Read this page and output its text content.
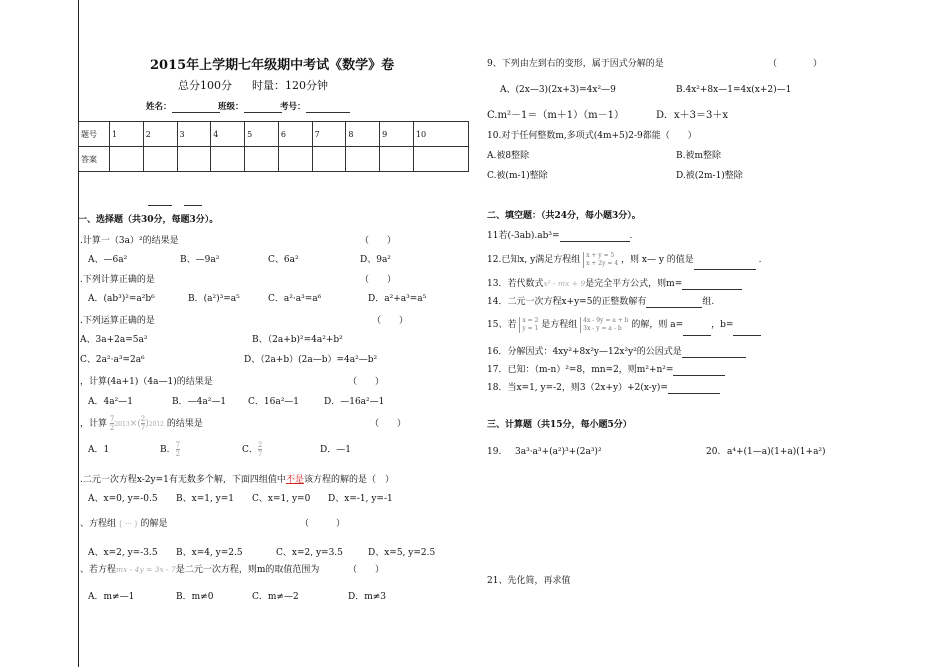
2015年上学期七年级期中考试《数学》卷
总分100分 时量：120分钟
姓名：	班级：	考号：
题号	1	2	3	4	5	6	7	8	9	10
答案										
一、选择题（共30分，每题3分）。
.计算一（3a）²的结果是	（　　）
A、—6a²	B、—9a²	C、6a²	D、9a²
.下列计算正确的是	（　　）
A．(ab³)²=a²b⁶	B．(a²)³=a⁵	C．a²·a³=a⁶	D．a²+a³=a⁵
.下列运算正确的是	（　　）
A、3a+2a=5a²	B、（2a+b)²=4a²+b²
C、2a²·a³=2a⁶	D、（2a+b）(2a—b）=4a²—b²
，计算(4a+1)（4a—1)的结果是	（　　）
A．4a²—1	B．—4a²—1 C．16a²—1	D．—16a²—1
，计算 $\frac{7}{2} 2013\times( \frac{2}{7} )2012$ 的结果是	（　　）
A．1	B． $\frac{7}{2}$	C． $\frac{2}{7}$	D．—1
.二元一次方程x-2y=1有无数多个解，下面四组值中不是该方程的解的是（　）
A、x=0, y=-0.5 B、x=1, y=1 C、x=1, y=0 D、x=-1, y=-1
、方程组 { ··· } 的解是	（　　　）
A、x=2, y=-3.5 B、x=4, y=2.5	C、x=2, y=3.5	D、x=5, y=2.5
、若方程mx - 4y = 3x - 7是二元一次方程，则m的取值范围为	（　　）
A．m≠—1	B．m≠0	C．m≠—2	D．m≠3
9、下列由左到右的变形，属于因式分解的是	（　　　　）
A、(2x—3)(2x+3)=4x²—9	B.4x²+8x—1=4x(x+2)—1
C.m²－1＝（m＋1）（m－1）	D．x＋3＝3＋x
10.对于任何整数m,多项式(4m+5)2-9都能（　　）
A.被8整除	B.被m整除
C.被(m-1)整除	D.被(2m-1)整除
二、填空题：（共24分，每小题3分）。
11若(-3ab).ab³=	.
12.已知x, y满足方程组 x + y = 5
x + 2y = 4 ，则 x— y 的值是	.
13．若代数式x² - mx + 9是完全平方公式，则m=
14．二元一次方程x+y=5的正整数解有	组.
15、若 x = 2
y = 1 是方程组 4x - 9y = a + b
3x - y = a - b	的解，则 a=	，b=
16．分解因式：4xy²+8x²y—12x²y²的公因式是
17．已知：（m-n）²=8，mn=2，则m²+n²=
18．当x=1, y=-2，则3（2x+y）+2(x-y)=
三、计算题（共15分，每小题5分）
19. 3a³·a³+(a²)³+(2a³)²	20. a⁴+(1—a)(1+a)(1+a²)
21、先化简，再求值
